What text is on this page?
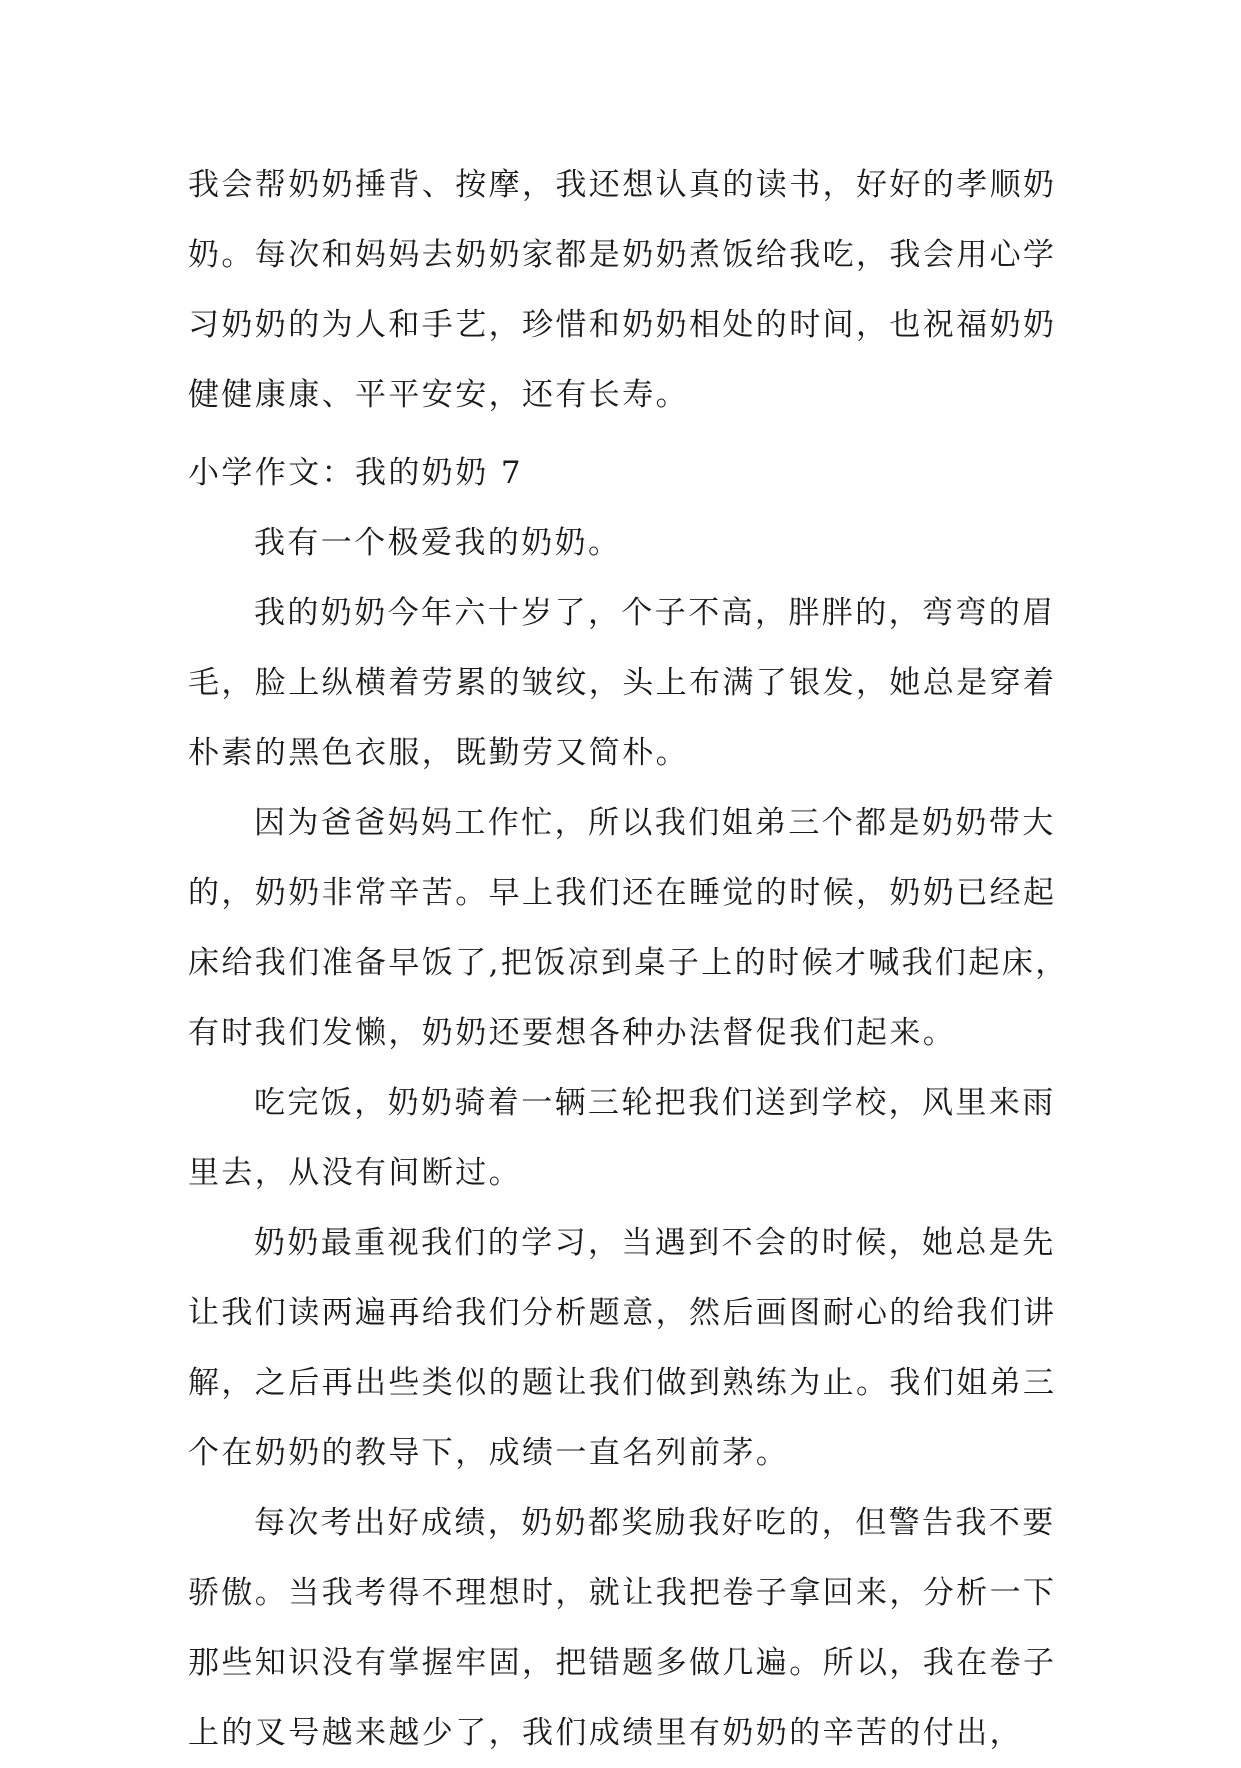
我会帮奶奶捶背、按摩，我还想认真的读书，好好的孝顺奶
奶。每次和妈妈去奶奶家都是奶奶煮饭给我吃，我会用心学
习奶奶的为人和手艺，珍惜和奶奶相处的时间，也祝福奶奶
健健康康、平平安安，还有长寿。
小学作文：我的奶奶 7
我有一个极爱我的奶奶。
我的奶奶今年六十岁了，个子不高，胖胖的，弯弯的眉
毛，脸上纵横着劳累的皱纹，头上布满了银发，她总是穿着
朴素的黑色衣服，既勤劳又简朴。
因为爸爸妈妈工作忙，所以我们姐弟三个都是奶奶带大
的，奶奶非常辛苦。早上我们还在睡觉的时候，奶奶已经起
床给我们准备早饭了,把饭凉到桌子上的时候才喊我们起床，
有时我们发懒，奶奶还要想各种办法督促我们起来。
吃完饭，奶奶骑着一辆三轮把我们送到学校，风里来雨
里去，从没有间断过。
奶奶最重视我们的学习，当遇到不会的时候，她总是先
让我们读两遍再给我们分析题意，然后画图耐心的给我们讲
解，之后再出些类似的题让我们做到熟练为止。我们姐弟三
个在奶奶的教导下，成绩一直名列前茅。
每次考出好成绩，奶奶都奖励我好吃的，但警告我不要
骄傲。当我考得不理想时，就让我把卷子拿回来，分析一下
那些知识没有掌握牢固，把错题多做几遍。所以，我在卷子
上的叉号越来越少了，我们成绩里有奶奶的辛苦的付出，
